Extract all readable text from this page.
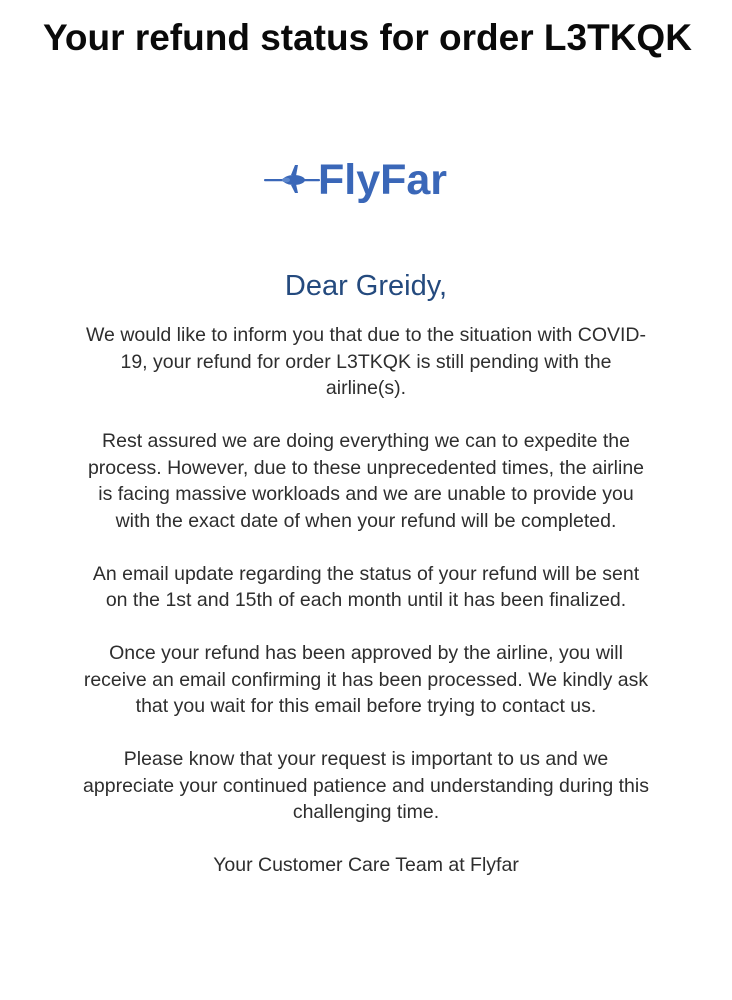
Your refund status for order L3TKQK
FlyFar
Dear Greidy,

We would like to inform you that due to the situation with COVID-19, your refund for order L3TKQK is still pending with the airline(s).

Rest assured we are doing everything we can to expedite the process. However, due to these unprecedented times, the airline is facing massive workloads and we are unable to provide you with the exact date of when your refund will be completed.

An email update regarding the status of your refund will be sent on the 1st and 15th of each month until it has been finalized.

Once your refund has been approved by the airline, you will receive an email confirming it has been processed. We kindly ask that you wait for this email before trying to contact us.

Please know that your request is important to us and we appreciate your continued patience and understanding during this challenging time.

Your Customer Care Team at Flyfar
